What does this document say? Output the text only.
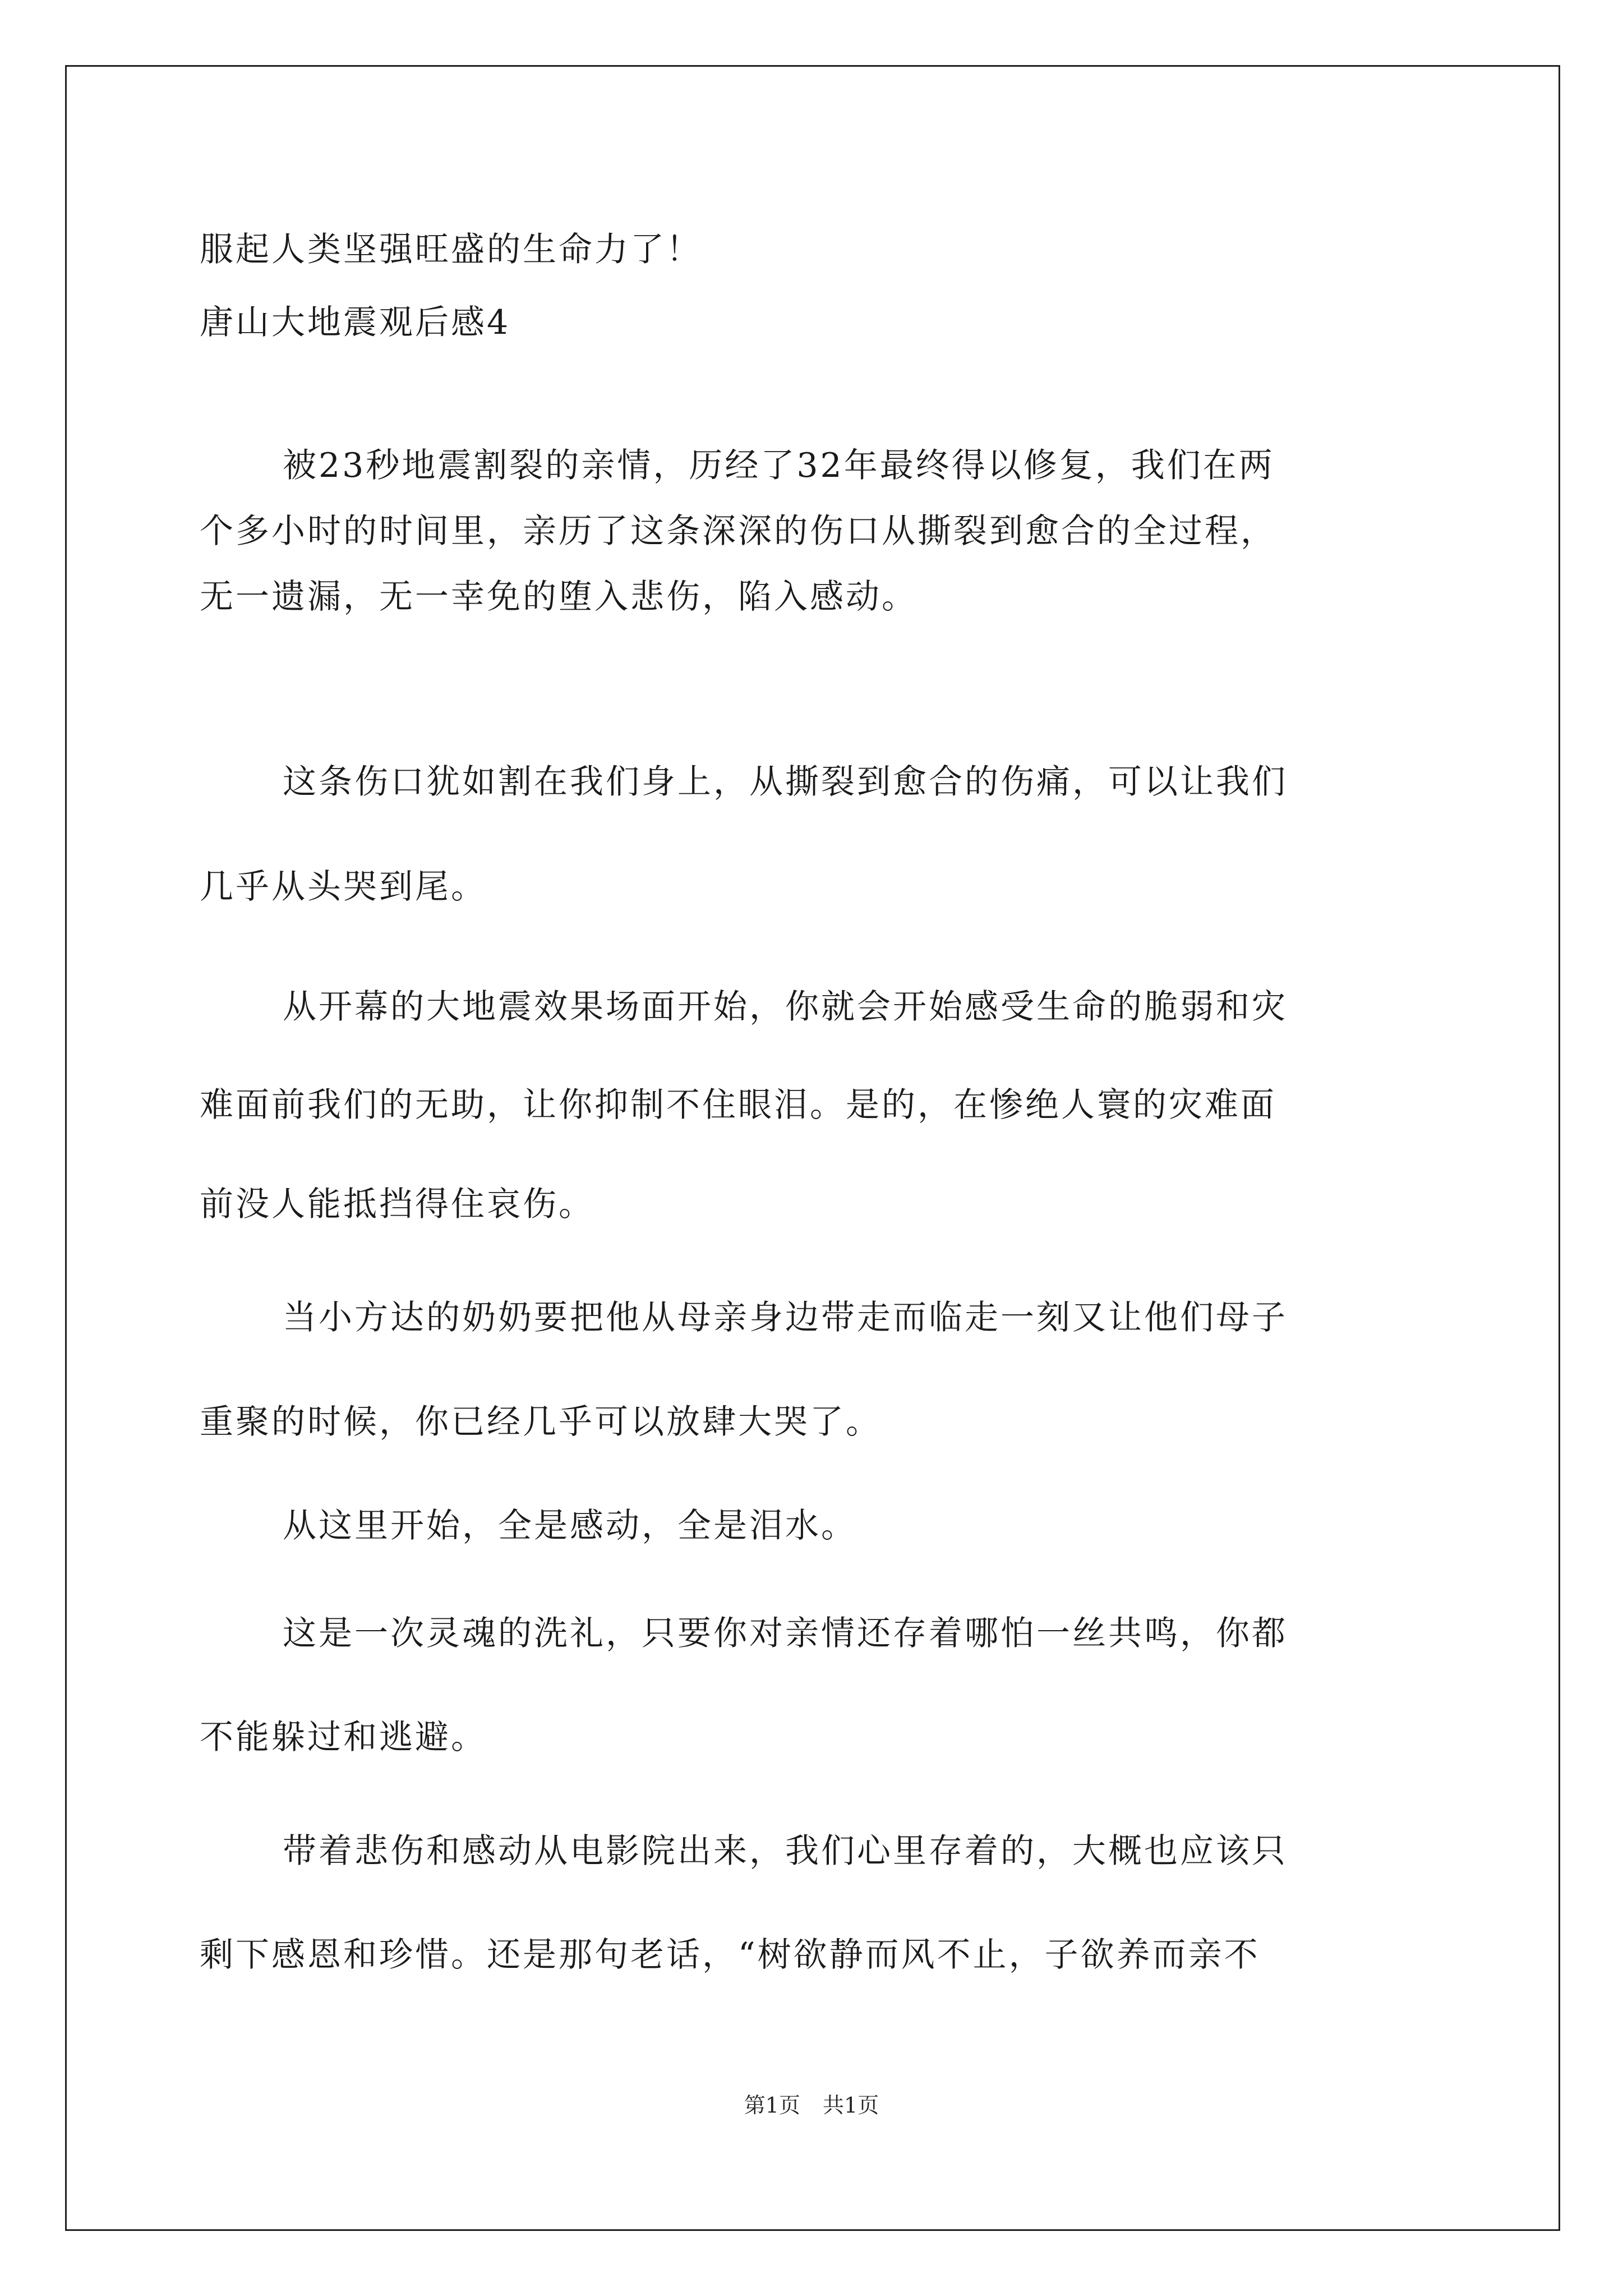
服起人类坚强旺盛的生命力了！
唐山大地震观后感4
被23秒地震割裂的亲情，历经了32年最终得以修复，我们在两
个多小时的时间里，亲历了这条深深的伤口从撕裂到愈合的全过程，
无一遗漏，无一幸免的堕入悲伤，陷入感动。
这条伤口犹如割在我们身上，从撕裂到愈合的伤痛，可以让我们
几乎从头哭到尾。
从开幕的大地震效果场面开始，你就会开始感受生命的脆弱和灾
难面前我们的无助，让你抑制不住眼泪。是的，在惨绝人寰的灾难面
前没人能抵挡得住哀伤。
当小方达的奶奶要把他从母亲身边带走而临走一刻又让他们母子
重聚的时候，你已经几乎可以放肆大哭了。
从这里开始，全是感动，全是泪水。
这是一次灵魂的洗礼，只要你对亲情还存着哪怕一丝共鸣，你都
不能躲过和逃避。
带着悲伤和感动从电影院出来，我们心里存着的，大概也应该只
剩下感恩和珍惜。还是那句老话，“树欲静而风不止，子欲养而亲不
第1页 共1页
